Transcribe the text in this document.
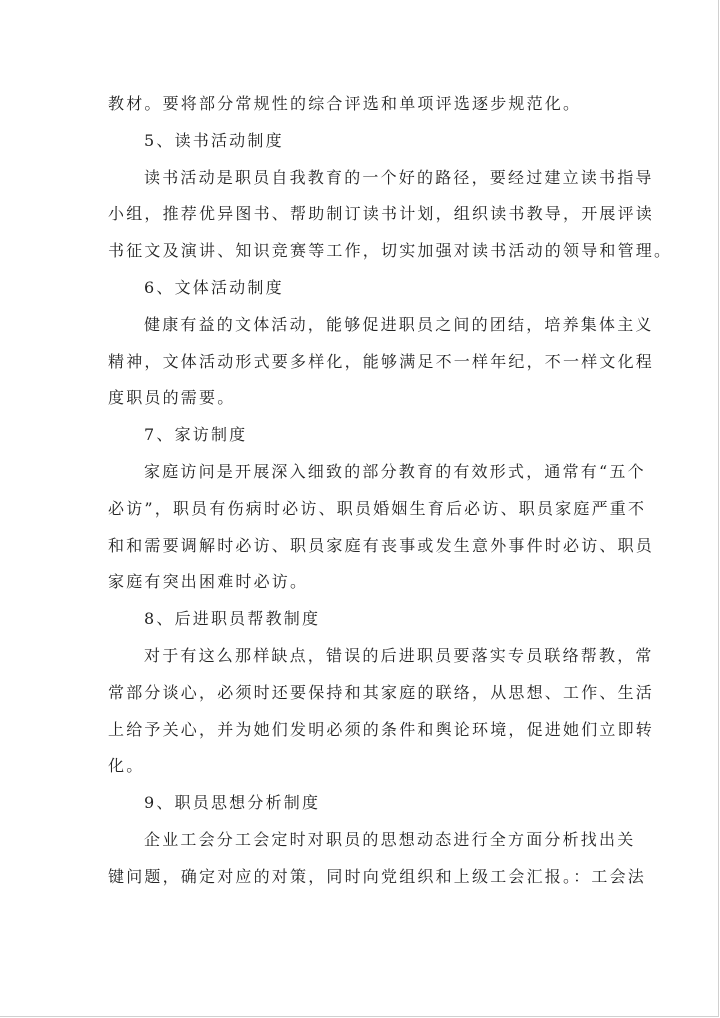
教材。要将部分常规性的综合评选和单项评选逐步规范化。
5、读书活动制度
读书活动是职员自我教育的一个好的路径，要经过建立读书指导
小组，推荐优异图书、帮助制订读书计划，组织读书教导，开展评读
书征文及演讲、知识竞赛等工作，切实加强对读书活动的领导和管理。
6、文体活动制度
健康有益的文体活动，能够促进职员之间的团结，培养集体主义
精神，文体活动形式要多样化，能够满足不一样年纪，不一样文化程
度职员的需要。
7、家访制度
家庭访问是开展深入细致的部分教育的有效形式，通常有“五个
必访”，职员有伤病时必访、职员婚姻生育后必访、职员家庭严重不
和和需要调解时必访、职员家庭有丧事或发生意外事件时必访、职员
家庭有突出困难时必访。
8、后进职员帮教制度
对于有这么那样缺点，错误的后进职员要落实专员联络帮教，常
常部分谈心，必须时还要保持和其家庭的联络，从思想、工作、生活
上给予关心，并为她们发明必须的条件和舆论环境，促进她们立即转
化。
9、职员思想分析制度
企业工会分工会定时对职员的思想动态进行全方面分析找出关
键问题，确定对应的对策，同时向党组织和上级工会汇报。：工会法
